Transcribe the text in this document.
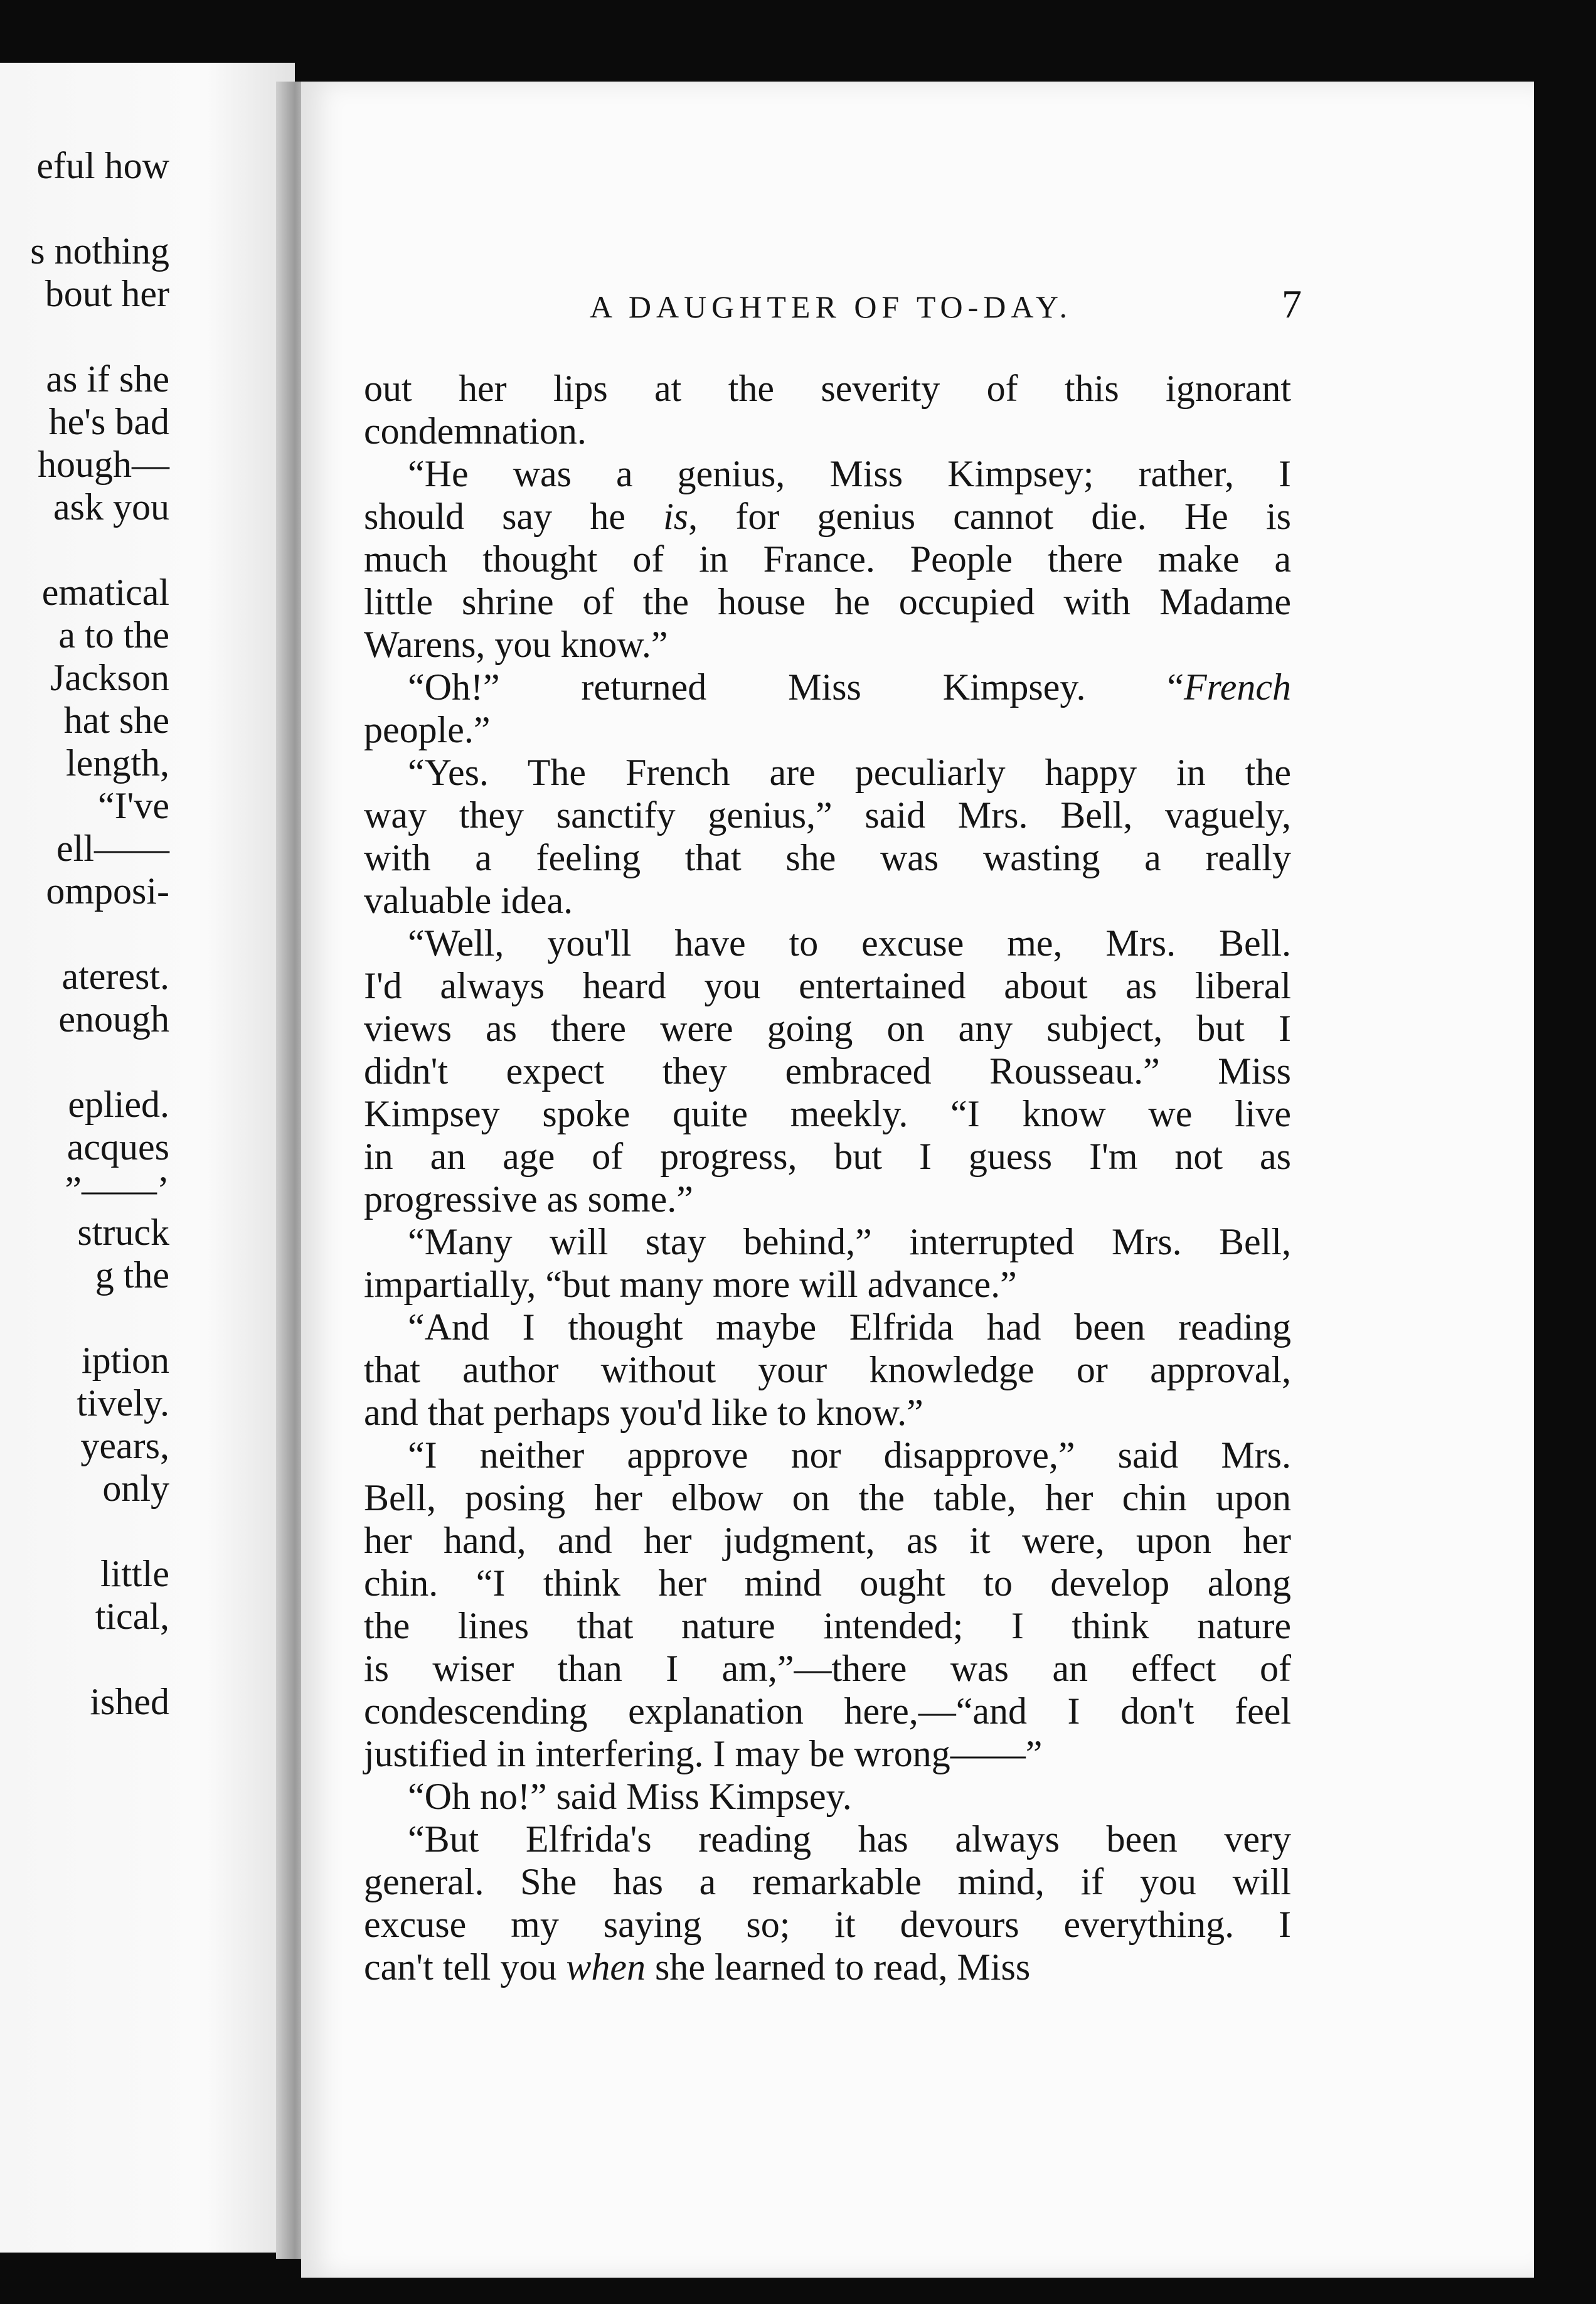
eful how
s nothing
bout her
as if she
he's bad
hough—
ask you
ematical
a to the
Jackson
hat she
length,
“I've
ell——
omposi-
aterest.
enough
eplied.
acques
”——’
struck
g the
iption
tively.
years,
only
little
tical,
ished
A DAUGHTER OF TO-DAY.	7
out her lips at the severity of this ignorant
condemnation.
“He was a genius, Miss Kimpsey; rather, I
should say he is, for genius cannot die. He is
much thought of in France. People there make a
little shrine of the house he occupied with Madame
Warens, you know.”
“Oh!” returned Miss Kimpsey. “French
people.”
“Yes. The French are peculiarly happy in the
way they sanctify genius,” said Mrs. Bell, vaguely,
with a feeling that she was wasting a really
valuable idea.
“Well, you'll have to excuse me, Mrs. Bell.
I'd always heard you entertained about as liberal
views as there were going on any subject, but I
didn't expect they embraced Rousseau.” Miss
Kimpsey spoke quite meekly. “I know we live
in an age of progress, but I guess I'm not as
progressive as some.”
“Many will stay behind,” interrupted Mrs. Bell,
impartially, “but many more will advance.”
“And I thought maybe Elfrida had been reading
that author without your knowledge or approval,
and that perhaps you'd like to know.”
“I neither approve nor disapprove,” said Mrs.
Bell, posing her elbow on the table, her chin upon
her hand, and her judgment, as it were, upon her
chin. “I think her mind ought to develop along
the lines that nature intended; I think nature
is wiser than I am,”—there was an effect of
condescending explanation here,—“and I don't feel
justified in interfering. I may be wrong——”
“Oh no!” said Miss Kimpsey.
“But Elfrida's reading has always been very
general. She has a remarkable mind, if you will
excuse my saying so; it devours everything. I
can't tell you when she learned to read, Miss
